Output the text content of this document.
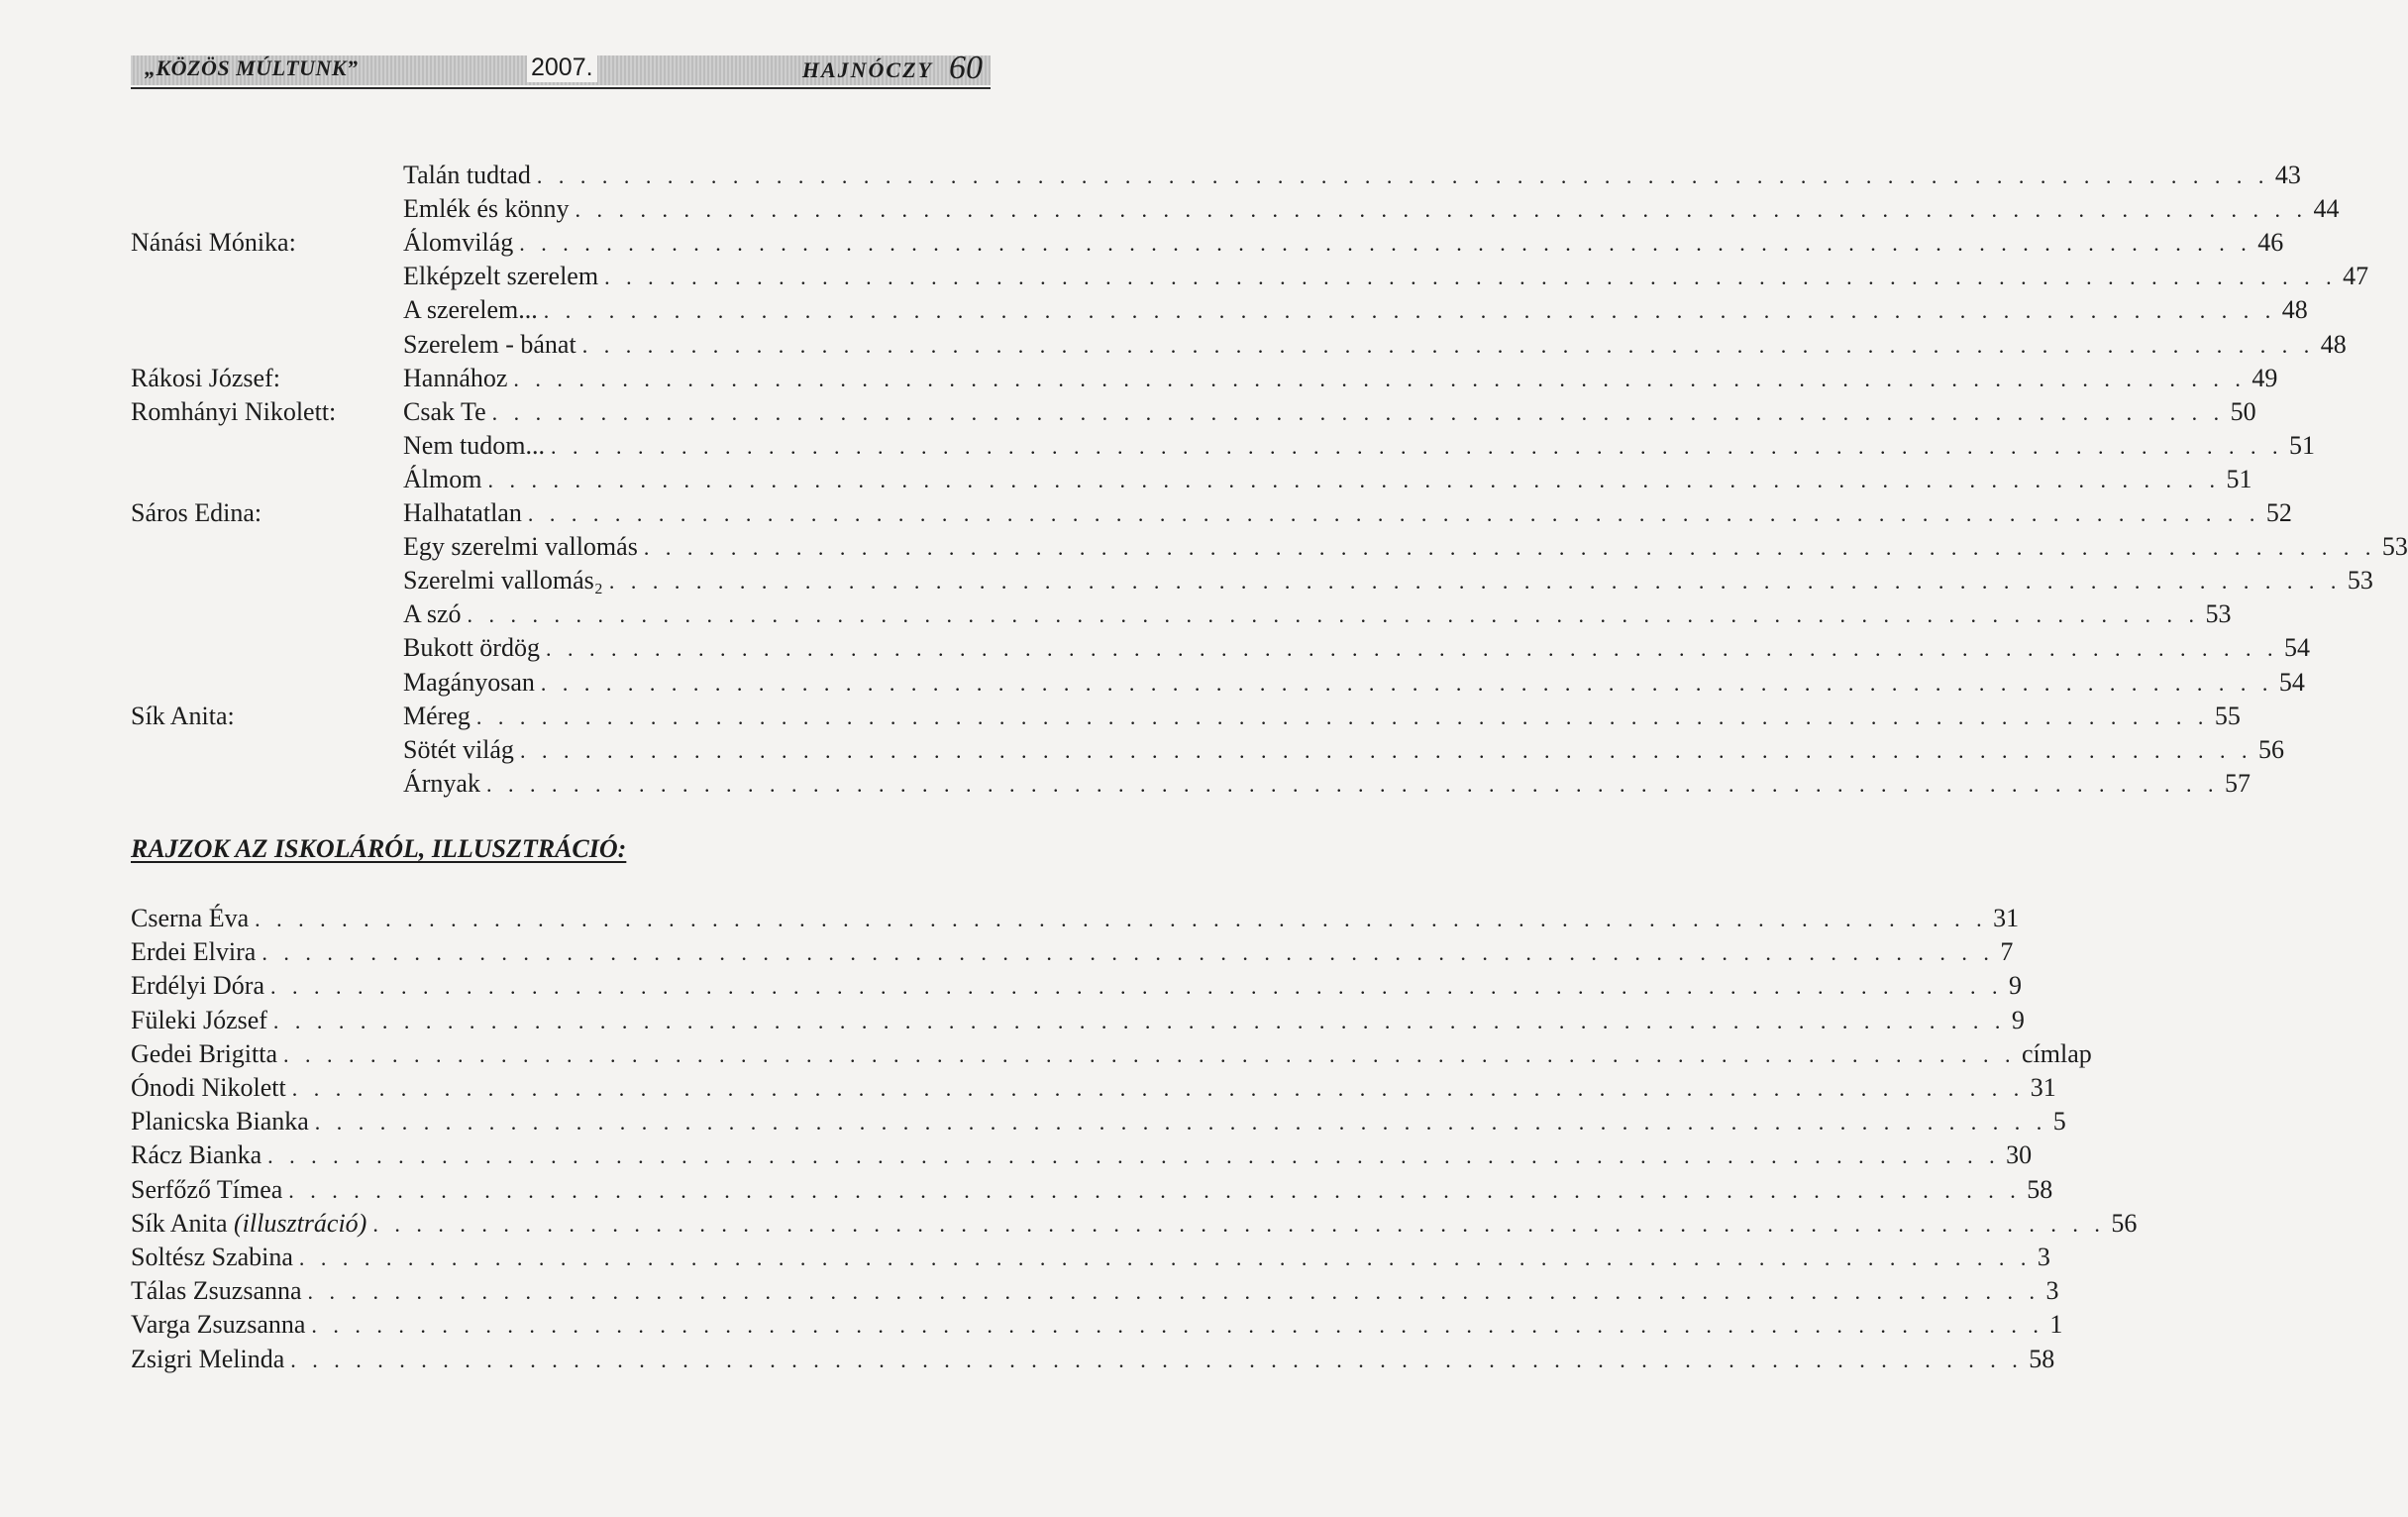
„KÖZÖS MÚLTUNK”	2007.	HAJNÓCZY 60
Talán tudtad . . . . . . . . . . . . . . . . . . . . . . . . . . . . . . . . . . . . . . . . . . . . . . . . . . . . . . . . . . . . . . . . . . . . . . . . . . . . . . . . 43
Emlék és könny . . . . . . . . . . . . . . . . . . . . . . . . . . . . . . . . . . . . . . . . . . . . . . . . . . . . . . . . . . . . . . . . . . . . . . . . . . . . . . . . 44
Nánási Mónika:	Álomvilág . . . . . . . . . . . . . . . . . . . . . . . . . . . . . . . . . . . . . . . . . . . . . . . . . . . . . . . . . . . . . . . . . . . . . . . . . . . . . . . . 46
Elképzelt szerelem . . . . . . . . . . . . . . . . . . . . . . . . . . . . . . . . . . . . . . . . . . . . . . . . . . . . . . . . . . . . . . . . . . . . . . . . . . . . . . . . 47
A szerelem... . . . . . . . . . . . . . . . . . . . . . . . . . . . . . . . . . . . . . . . . . . . . . . . . . . . . . . . . . . . . . . . . . . . . . . . . . . . . . . . . 48
Szerelem - bánat . . . . . . . . . . . . . . . . . . . . . . . . . . . . . . . . . . . . . . . . . . . . . . . . . . . . . . . . . . . . . . . . . . . . . . . . . . . . . . . . 48
Rákosi József:	Hannához . . . . . . . . . . . . . . . . . . . . . . . . . . . . . . . . . . . . . . . . . . . . . . . . . . . . . . . . . . . . . . . . . . . . . . . . . . . . . . . . 49
Romhányi Nikolett:	Csak Te . . . . . . . . . . . . . . . . . . . . . . . . . . . . . . . . . . . . . . . . . . . . . . . . . . . . . . . . . . . . . . . . . . . . . . . . . . . . . . . . 50
Nem tudom... . . . . . . . . . . . . . . . . . . . . . . . . . . . . . . . . . . . . . . . . . . . . . . . . . . . . . . . . . . . . . . . . . . . . . . . . . . . . . . . . 51
Álmom . . . . . . . . . . . . . . . . . . . . . . . . . . . . . . . . . . . . . . . . . . . . . . . . . . . . . . . . . . . . . . . . . . . . . . . . . . . . . . . . 51
Sáros Edina:	Halhatatlan . . . . . . . . . . . . . . . . . . . . . . . . . . . . . . . . . . . . . . . . . . . . . . . . . . . . . . . . . . . . . . . . . . . . . . . . . . . . . . . . 52
Egy szerelmi vallomás . . . . . . . . . . . . . . . . . . . . . . . . . . . . . . . . . . . . . . . . . . . . . . . . . . . . . . . . . . . . . . . . . . . . . . . . . . . . . . . . 53
Szerelmi vallomás₂ . . . . . . . . . . . . . . . . . . . . . . . . . . . . . . . . . . . . . . . . . . . . . . . . . . . . . . . . . . . . . . . . . . . . . . . . . . . . . . . . 53
A szó . . . . . . . . . . . . . . . . . . . . . . . . . . . . . . . . . . . . . . . . . . . . . . . . . . . . . . . . . . . . . . . . . . . . . . . . . . . . . . . . 53
Bukott ördög . . . . . . . . . . . . . . . . . . . . . . . . . . . . . . . . . . . . . . . . . . . . . . . . . . . . . . . . . . . . . . . . . . . . . . . . . . . . . . . . 54
Magányosan . . . . . . . . . . . . . . . . . . . . . . . . . . . . . . . . . . . . . . . . . . . . . . . . . . . . . . . . . . . . . . . . . . . . . . . . . . . . . . . . 54
Sík Anita:	Méreg . . . . . . . . . . . . . . . . . . . . . . . . . . . . . . . . . . . . . . . . . . . . . . . . . . . . . . . . . . . . . . . . . . . . . . . . . . . . . . . . 55
Sötét világ . . . . . . . . . . . . . . . . . . . . . . . . . . . . . . . . . . . . . . . . . . . . . . . . . . . . . . . . . . . . . . . . . . . . . . . . . . . . . . . . 56
Árnyak . . . . . . . . . . . . . . . . . . . . . . . . . . . . . . . . . . . . . . . . . . . . . . . . . . . . . . . . . . . . . . . . . . . . . . . . . . . . . . . . 57
RAJZOK AZ ISKOLÁRÓL, ILLUSZTRÁCIÓ:
Cserna Éva . . . . . . . . . . . . . . . . . . . . . . . . . . . . . . . . . . . . . . . . . . . . . . . . . . . . . . . . . . . . . . . . . . . . . . . . . . . . . . . . 31
Erdei Elvira . . . . . . . . . . . . . . . . . . . . . . . . . . . . . . . . . . . . . . . . . . . . . . . . . . . . . . . . . . . . . . . . . . . . . . . . . . . . . . . . 7
Erdélyi Dóra . . . . . . . . . . . . . . . . . . . . . . . . . . . . . . . . . . . . . . . . . . . . . . . . . . . . . . . . . . . . . . . . . . . . . . . . . . . . . . . . 9
Füleki József . . . . . . . . . . . . . . . . . . . . . . . . . . . . . . . . . . . . . . . . . . . . . . . . . . . . . . . . . . . . . . . . . . . . . . . . . . . . . . . . 9
Gedei Brigitta . . . . . . . . . . . . . . . . . . . . . . . . . . . . . . . . . . . . . . . . . . . . . . . . . . . . . . . . . . . . . . . . . . . . . . . . . . . . . . . . címlap
Ónodi Nikolett . . . . . . . . . . . . . . . . . . . . . . . . . . . . . . . . . . . . . . . . . . . . . . . . . . . . . . . . . . . . . . . . . . . . . . . . . . . . . . . . 31
Planicska Bianka . . . . . . . . . . . . . . . . . . . . . . . . . . . . . . . . . . . . . . . . . . . . . . . . . . . . . . . . . . . . . . . . . . . . . . . . . . . . . . . . 5
Rácz Bianka . . . . . . . . . . . . . . . . . . . . . . . . . . . . . . . . . . . . . . . . . . . . . . . . . . . . . . . . . . . . . . . . . . . . . . . . . . . . . . . . 30
Serfőző Tímea . . . . . . . . . . . . . . . . . . . . . . . . . . . . . . . . . . . . . . . . . . . . . . . . . . . . . . . . . . . . . . . . . . . . . . . . . . . . . . . . 58
Sík Anita (illusztráció) . . . . . . . . . . . . . . . . . . . . . . . . . . . . . . . . . . . . . . . . . . . . . . . . . . . . . . . . . . . . . . . . . . . . . . . . . . . . . . . . 56
Soltész Szabina . . . . . . . . . . . . . . . . . . . . . . . . . . . . . . . . . . . . . . . . . . . . . . . . . . . . . . . . . . . . . . . . . . . . . . . . . . . . . . . . 3
Tálas Zsuzsanna . . . . . . . . . . . . . . . . . . . . . . . . . . . . . . . . . . . . . . . . . . . . . . . . . . . . . . . . . . . . . . . . . . . . . . . . . . . . . . . . 3
Varga Zsuzsanna . . . . . . . . . . . . . . . . . . . . . . . . . . . . . . . . . . . . . . . . . . . . . . . . . . . . . . . . . . . . . . . . . . . . . . . . . . . . . . . . 1
Zsigri Melinda . . . . . . . . . . . . . . . . . . . . . . . . . . . . . . . . . . . . . . . . . . . . . . . . . . . . . . . . . . . . . . . . . . . . . . . . . . . . . . . . 58
